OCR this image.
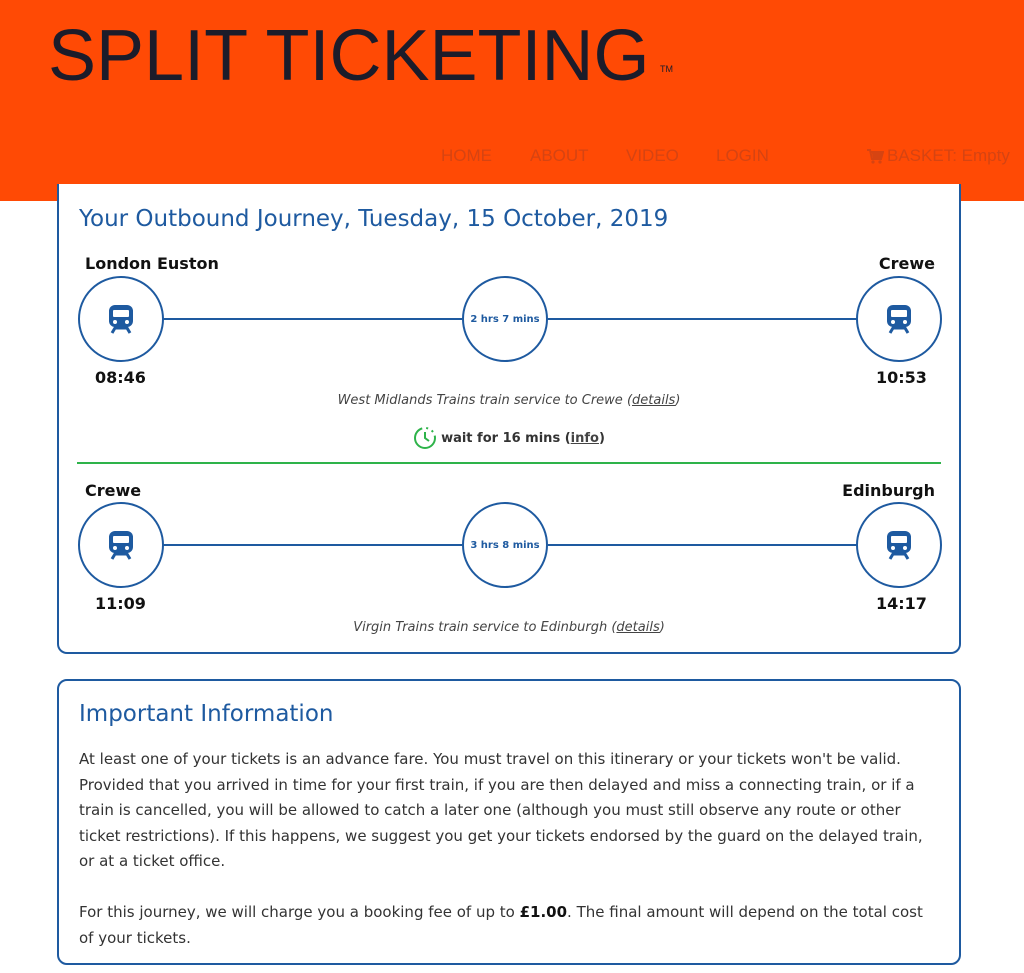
SPLIT TICKETING TM
HOME ABOUT VIDEO LOGIN	BASKET: Empty
Your Outbound Journey, Tuesday, 15 October, 2019
London Euston	Crewe
2 hrs 7 mins
08:46	10:53
West Midlands Trains train service to Crewe (details)
wait for 16 mins (info)
Crewe	Edinburgh
3 hrs 8 mins
11:09	14:17
Virgin Trains train service to Edinburgh (details)
Important Information

At least one of your tickets is an advance fare. You must travel on this itinerary or your tickets won't be valid. Provided that you arrived in time for your first train, if you are then delayed and miss a connecting train, or if a train is cancelled, you will be allowed to catch a later one (although you must still observe any route or other ticket restrictions). If this happens, we suggest you get your tickets endorsed by the guard on the delayed train, or at a ticket office.

For this journey, we will charge you a booking fee of up to £1.00. The final amount will depend on the total cost of your tickets.
